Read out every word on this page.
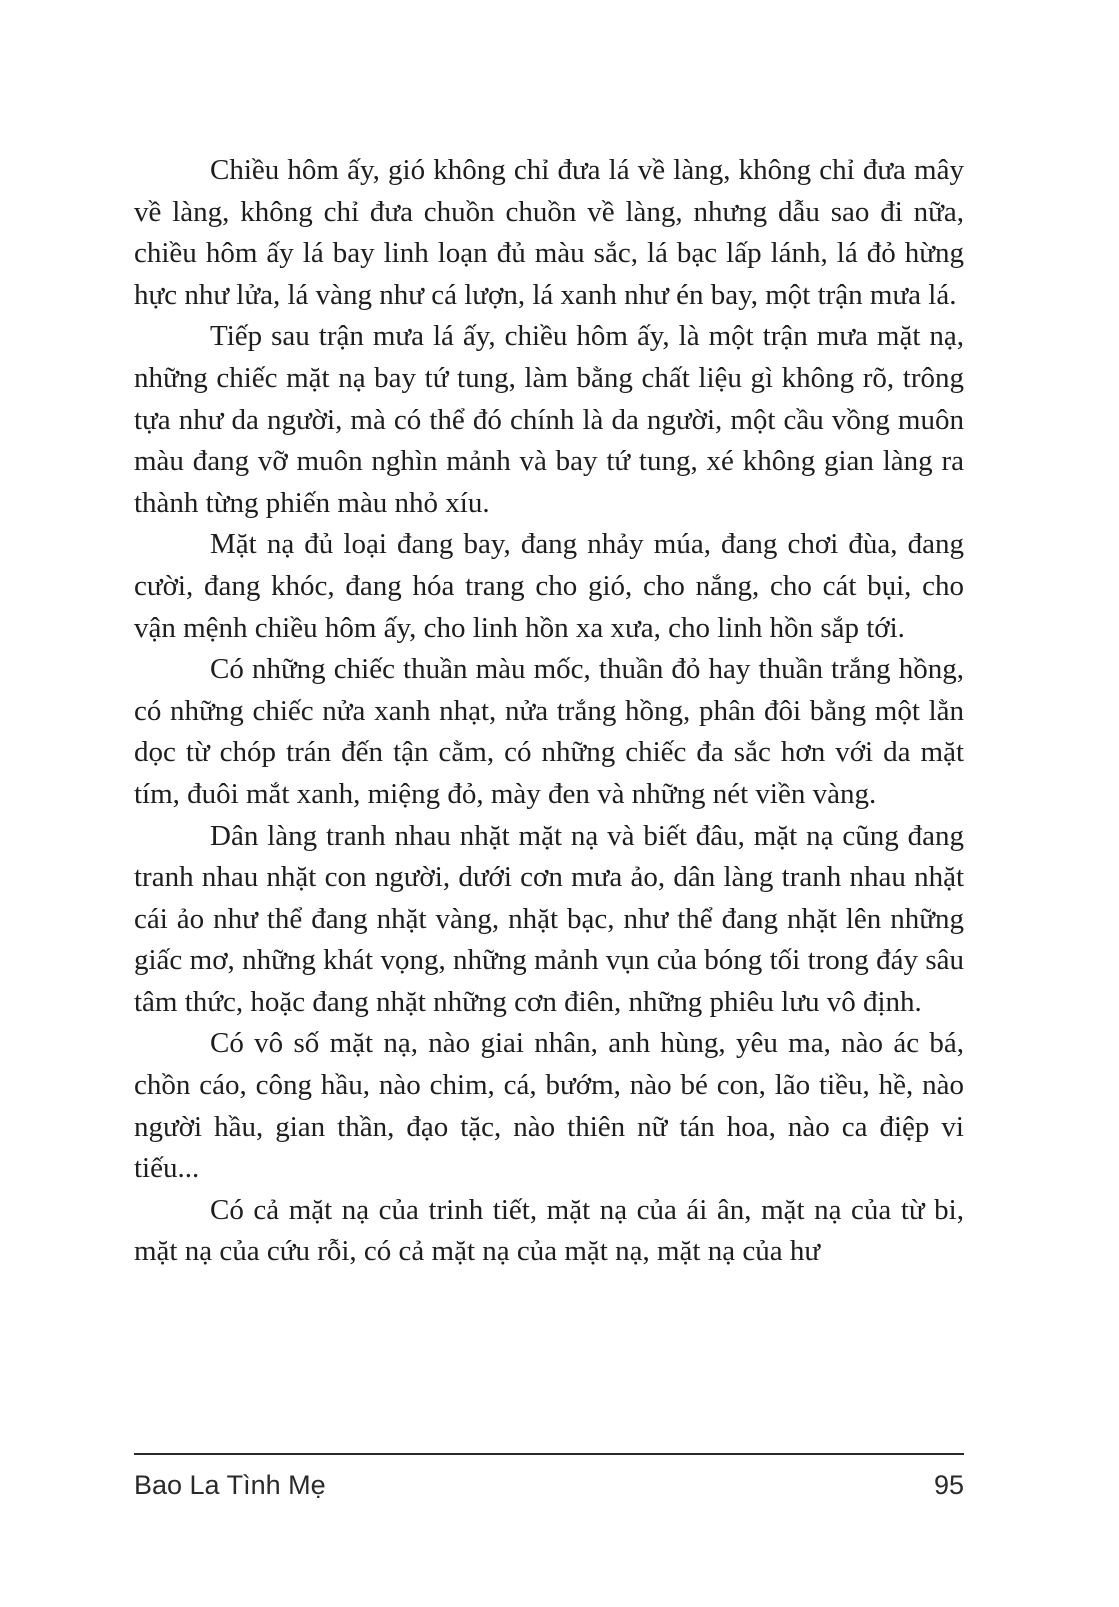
Chiều hôm ấy, gió không chỉ đưa lá về làng, không chỉ đưa mây về làng, không chỉ đưa chuồn chuồn về làng, nhưng dẫu sao đi nữa, chiều hôm ấy lá bay linh loạn đủ màu sắc, lá bạc lấp lánh, lá đỏ hừng hực như lửa, lá vàng như cá lượn, lá xanh như én bay, một trận mưa lá.

Tiếp sau trận mưa lá ấy, chiều hôm ấy, là một trận mưa mặt nạ, những chiếc mặt nạ bay tứ tung, làm bằng chất liệu gì không rõ, trông tựa như da người, mà có thể đó chính là da người, một cầu vồng muôn màu đang vỡ muôn nghìn mảnh và bay tứ tung, xé không gian làng ra thành từng phiến màu nhỏ xíu.

Mặt nạ đủ loại đang bay, đang nhảy múa, đang chơi đùa, đang cười, đang khóc, đang hóa trang cho gió, cho nắng, cho cát bụi, cho vận mệnh chiều hôm ấy, cho linh hồn xa xưa, cho linh hồn sắp tới.

Có những chiếc thuần màu mốc, thuần đỏ hay thuần trắng hồng, có những chiếc nửa xanh nhạt, nửa trắng hồng, phân đôi bằng một lằn dọc từ chóp trán đến tận cằm, có những chiếc đa sắc hơn với da mặt tím, đuôi mắt xanh, miệng đỏ, mày đen và những nét viền vàng.

Dân làng tranh nhau nhặt mặt nạ và biết đâu, mặt nạ cũng đang tranh nhau nhặt con người, dưới cơn mưa ảo, dân làng tranh nhau nhặt cái ảo như thể đang nhặt vàng, nhặt bạc, như thể đang nhặt lên những giấc mơ, những khát vọng, những mảnh vụn của bóng tối trong đáy sâu tâm thức, hoặc đang nhặt những cơn điên, những phiêu lưu vô định.

Có vô số mặt nạ, nào giai nhân, anh hùng, yêu ma, nào ác bá, chồn cáo, công hầu, nào chim, cá, bướm, nào bé con, lão tiều, hề, nào người hầu, gian thần, đạo tặc, nào thiên nữ tán hoa, nào ca điệp vi tiếu...

Có cả mặt nạ của trinh tiết, mặt nạ của ái ân, mặt nạ của từ bi, mặt nạ của cứu rỗi, có cả mặt nạ của mặt nạ, mặt nạ của hư

Bao La Tình Mẹ	95
